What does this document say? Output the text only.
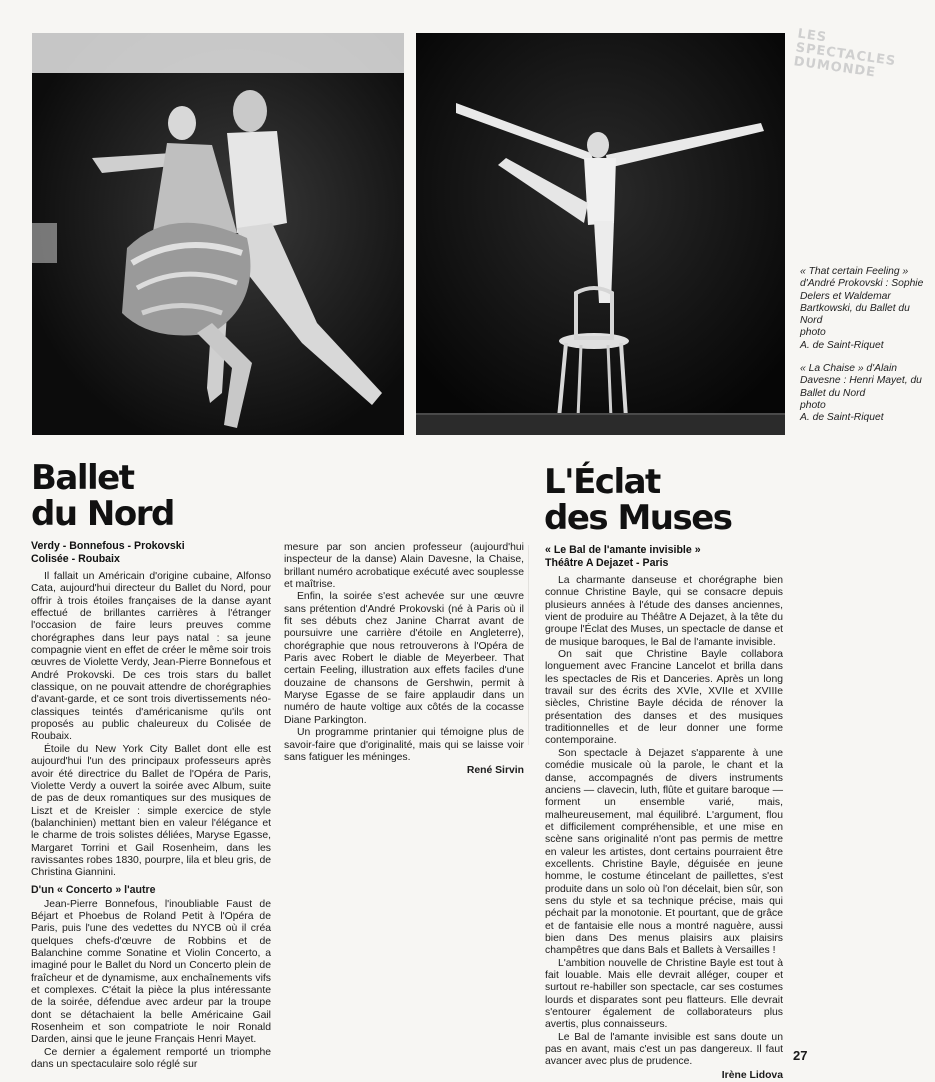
LES SPECTACLES DUMONDE

« That certain Feeling » d'André Prokovski : Sophie Delers et Waldemar Bartkowski, du Ballet du Nord
photo
A. de Saint-Riquet

« La Chaise » d'Alain Davesne : Henri Mayet, du Ballet du Nord
photo
A. de Saint-Riquet

Ballet
du Nord
Verdy - Bonnefous - Prokovski
Colisée - Roubaix

Il fallait un Américain d'origine cubaine, Alfonso Cata, aujourd'hui directeur du Ballet du Nord, pour offrir à trois étoiles françaises de la danse ayant effectué de brillantes carrières à l'étranger l'occasion de faire leurs preuves comme chorégraphes dans leur pays natal : sa jeune compagnie vient en effet de créer le même soir trois œuvres de Violette Verdy, Jean-Pierre Bonnefous et André Prokovski. De ces trois stars du ballet classique, on ne pouvait attendre de chorégraphies d'avant-garde, et ce sont trois divertissements néo-classiques teintés d'américanisme qu'ils ont proposés au public chaleureux du Colisée de Roubaix.

Étoile du New York City Ballet dont elle est aujourd'hui l'un des principaux professeurs après avoir été directrice du Ballet de l'Opéra de Paris, Violette Verdy a ouvert la soirée avec Album, suite de pas de deux romantiques sur des musiques de Liszt et de Kreisler : simple exercice de style (balanchinien) mettant bien en valeur l'élégance et le charme de trois solistes déliées, Maryse Egasse, Margaret Torrini et Gail Rosenheim, dans les ravissantes robes 1830, pourpre, lila et bleu gris, de Christina Giannini.

D'un « Concerto » l'autre

Jean-Pierre Bonnefous, l'inoubliable Faust de Béjart et Phoebus de Roland Petit à l'Opéra de Paris, puis l'une des vedettes du NYCB où il créa quelques chefs-d'œuvre de Robbins et de Balanchine comme Sonatine et Violin Concerto, a imaginé pour le Ballet du Nord un Concerto plein de fraîcheur et de dynamisme, aux enchaînements vifs et complexes. C'était la pièce la plus intéressante de la soirée, défendue avec ardeur par la troupe dont se détachaient la belle Américaine Gail Rosenheim et son compatriote le noir Ronald Darden, ainsi que le jeune Français Henri Mayet.

Ce dernier a également remporté un triomphe dans un spectaculaire solo réglé sur

mesure par son ancien professeur (aujourd'hui inspecteur de la danse) Alain Davesne, la Chaise, brillant numéro acrobatique exécuté avec souplesse et maîtrise.

Enfin, la soirée s'est achevée sur une œuvre sans prétention d'André Prokovski (né à Paris où il fit ses débuts chez Janine Charrat avant de poursuivre une carrière d'étoile en Angleterre), chorégraphie que nous retrouverons à l'Opéra de Paris avec Robert le diable de Meyerbeer. That certain Feeling, illustration aux effets faciles d'une douzaine de chansons de Gershwin, permit à Maryse Egasse de se faire applaudir dans un numéro de haute voltige aux côtés de la cocasse Diane Parkington.

Un programme printanier qui témoigne plus de savoir-faire que d'originalité, mais qui se laisse voir sans fatiguer les méninges.

René Sirvin

L'Éclat
des Muses
« Le Bal de l'amante invisible »
Théâtre A Dejazet - Paris

La charmante danseuse et chorégraphe bien connue Christine Bayle, qui se consacre depuis plusieurs années à l'étude des danses anciennes, vient de produire au Théâtre A Dejazet, à la tête du groupe l'Éclat des Muses, un spectacle de danse et de musique baroques, le Bal de l'amante invisible.

On sait que Christine Bayle collabora longuement avec Francine Lancelot et brilla dans les spectacles de Ris et Danceries. Après un long travail sur des écrits des XVIe, XVIIe et XVIIIe siècles, Christine Bayle décida de rénover la présentation des danses et des musiques traditionnelles et de leur donner une forme contemporaine.

Son spectacle à Dejazet s'apparente à une comédie musicale où la parole, le chant et la danse, accompagnés de divers instruments anciens — clavecin, luth, flûte et guitare baroque — forment un ensemble varié, mais, malheureusement, mal équilibré. L'argument, flou et difficilement compréhensible, et une mise en scène sans originalité n'ont pas permis de mettre en valeur les artistes, dont certains pourraient être excellents. Christine Bayle, déguisée en jeune homme, le costume étincelant de paillettes, s'est produite dans un solo où l'on décelait, bien sûr, son sens du style et sa technique précise, mais qui péchait par la monotonie. Et pourtant, que de grâce et de fantaisie elle nous a montré naguère, aussi bien dans Des menus plaisirs aux plaisirs champêtres que dans Bals et Ballets à Versailles !

L'ambition nouvelle de Christine Bayle est tout à fait louable. Mais elle devrait alléger, couper et surtout re-habiller son spectacle, car ses costumes lourds et disparates sont peu flatteurs. Elle devrait s'entourer également de collaborateurs plus avertis, plus connaisseurs.

Le Bal de l'amante invisible est sans doute un pas en avant, mais c'est un pas dangereux. Il faut avancer avec plus de prudence.

Irène Lidova

27
